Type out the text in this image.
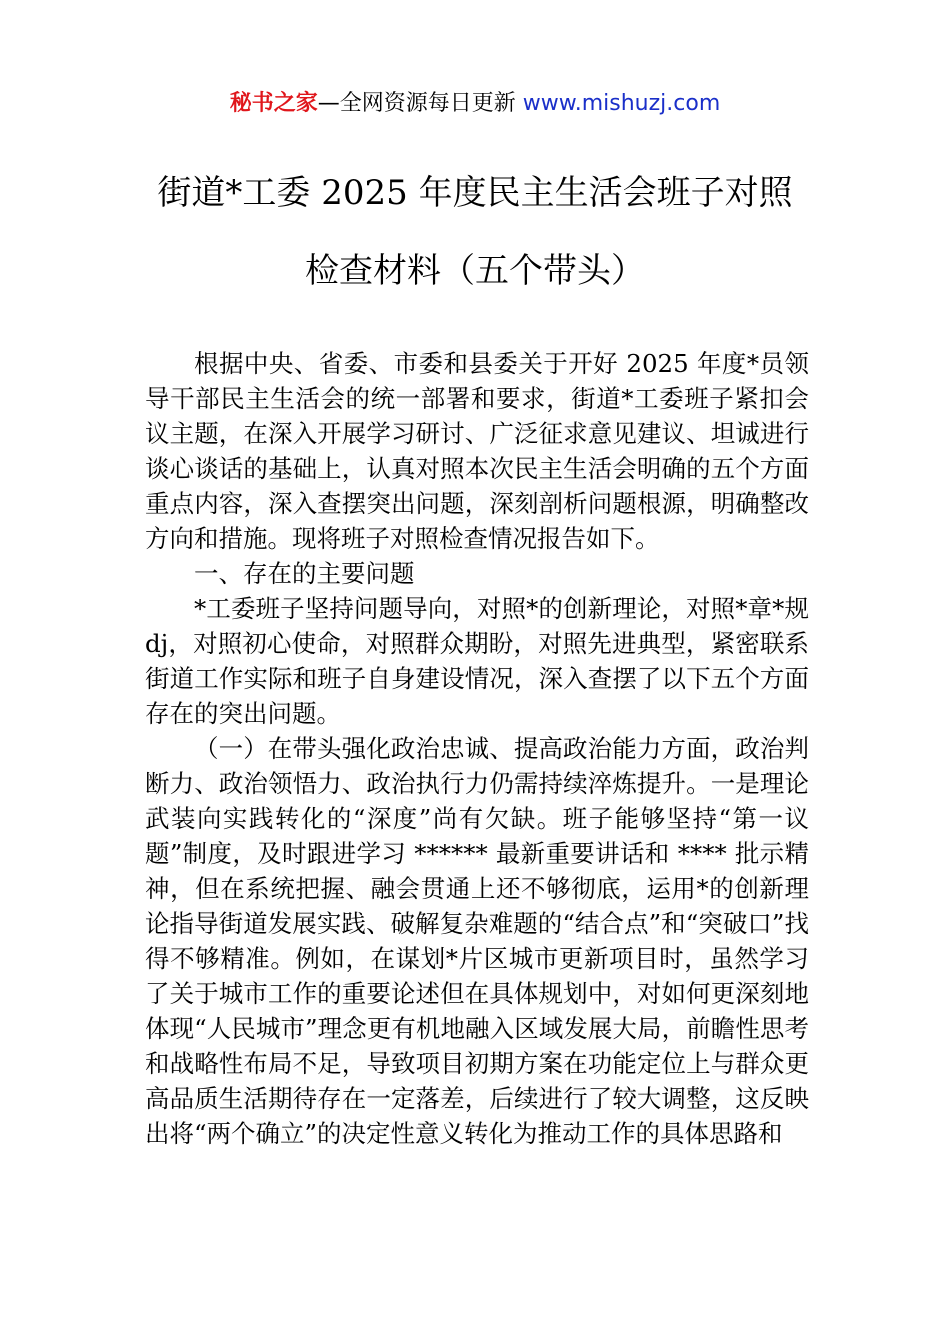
秘书之家—全网资源每日更新 www.mishuzj.com
街道*工委 2025 年度民主生活会班子对照
检查材料（五个带头）

根据中央、省委、市委和县委关于开好 2025 年度*员领导干部民主生活会的统一部署和要求，街道*工委班子紧扣会议主题，在深入开展学习研讨、广泛征求意见建议、坦诚进行谈心谈话的基础上，认真对照本次民主生活会明确的五个方面重点内容，深入查摆突出问题，深刻剖析问题根源，明确整改方向和措施。现将班子对照检查情况报告如下。

一、存在的主要问题

*工委班子坚持问题导向，对照*的创新理论，对照*章*规 dj，对照初心使命，对照群众期盼，对照先进典型，紧密联系街道工作实际和班子自身建设情况，深入查摆了以下五个方面存在的突出问题。

（一）在带头强化政治忠诚、提高政治能力方面，政治判断力、政治领悟力、政治执行力仍需持续淬炼提升。一是理论武装向实践转化的“深度”尚有欠缺。班子能够坚持“第一议题”制度，及时跟进学习 ****** 最新重要讲话和 **** 批示精神，但在系统把握、融会贯通上还不够彻底，运用*的创新理论指导街道发展实践、破解复杂难题的“结合点”和“突破口”找得不够精准。例如，在谋划*片区城市更新项目时，虽然学习了关于城市工作的重要论述但在具体规划中，对如何更深刻地体现“人民城市”理念更有机地融入区域发展大局，前瞻性思考和战略性布局不足，导致项目初期方案在功能定位上与群众更高品质生活期待存在一定落差，后续进行了较大调整，这反映出将“两个确立”的决定性意义转化为推动工作的具体思路和
